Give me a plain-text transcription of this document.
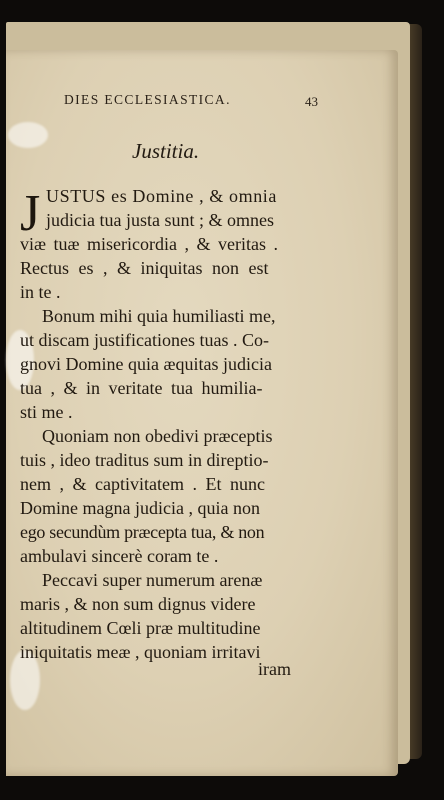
DIES ECCLESIASTICA.	43
Justitia.
J USTUS es Domine , & omnia
judicia tua justa sunt ; & omnes
viæ tuæ misericordia , & veritas .
Rectus es , & iniquitas non est
in te .
Bonum mihi quia humiliasti me,
ut discam justificationes tuas . Co-
gnovi Domine quia æquitas judicia
tua , & in veritate tua humilia-
sti me .
Quoniam non obedivi præceptis
tuis , ideo traditus sum in direptio-
nem , & captivitatem . Et nunc
Domine magna judicia , quia non
ego secundùm præcepta tua, & non
ambulavi sincerè coram te .
Peccavi super numerum arenæ
maris , & non sum dignus videre
altitudinem Cœli præ multitudine
iniquitatis meæ , quoniam irritavi
iram
